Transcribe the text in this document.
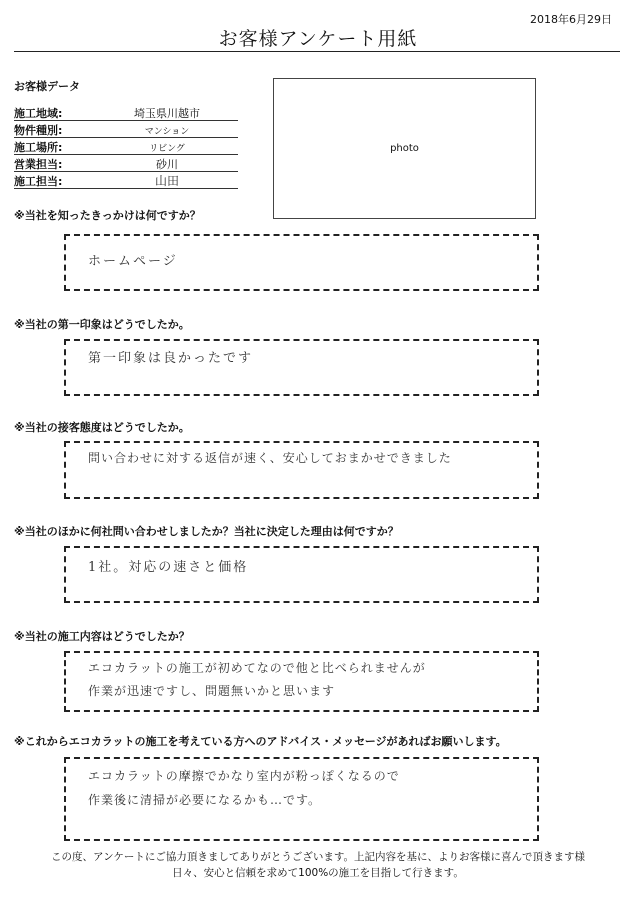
2018年6月29日
お客様アンケート用紙
お客様データ
施工地域:	埼玉県川越市
物件種別:	マンション
施工場所:	リビング
営業担当:	砂川
施工担当:	山田
photo
※当社を知ったきっかけは何ですか？
ホームページ
※当社の第一印象はどうでしたか。
第一印象は良かったです
※当社の接客態度はどうでしたか。
問い合わせに対する返信が速く、安心しておまかせできました
※当社のほかに何社問い合わせしましたか？当社に決定した理由は何ですか？
1社。対応の速さと価格
※当社の施工内容はどうでしたか？
エコカラットの施工が初めてなので他と比べられませんが
作業が迅速ですし、問題無いかと思います
※これからエコカラットの施工を考えている方へのアドバイス・メッセージがあればお願いします。
エコカラットの摩擦でかなり室内が粉っぽくなるので
作業後に清掃が必要になるかも…です。
この度、アンケートにご協力頂きましてありがとうございます。上記内容を基に、よりお客様に喜んで頂きます様
日々、安心と信頼を求めて100%の施工を目指して行きます。
